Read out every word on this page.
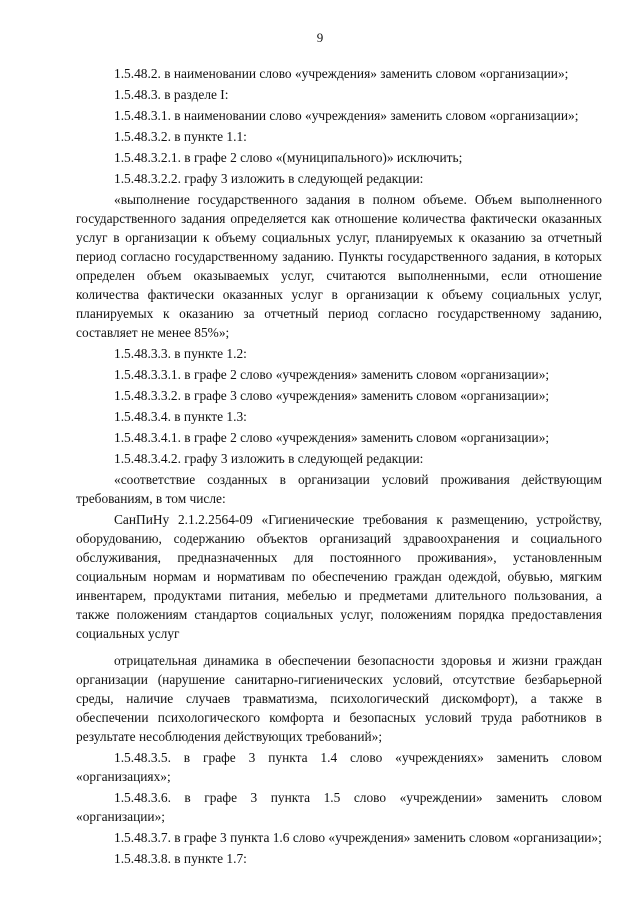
9

1.5.48.2. в наименовании слово «учреждения» заменить словом «организации»;

1.5.48.3. в разделе I:

1.5.48.3.1. в наименовании слово «учреждения» заменить словом «организации»;

1.5.48.3.2. в пункте 1.1:

1.5.48.3.2.1. в графе 2 слово «(муниципального)» исключить;

1.5.48.3.2.2. графу 3 изложить в следующей редакции:

«выполнение государственного задания в полном объеме. Объем выполненного государственного задания определяется как отношение количества фактически оказанных услуг в организации к объему социальных услуг, планируемых к оказанию за отчетный период согласно государственному заданию. Пункты государственного задания, в которых определен объем оказываемых услуг, считаются выполненными, если отношение количества фактически оказанных услуг в организации к объему социальных услуг, планируемых к оказанию за отчетный период согласно государственному заданию, составляет не менее 85%»;

1.5.48.3.3. в пункте 1.2:

1.5.48.3.3.1. в графе 2 слово «учреждения» заменить словом «организации»;

1.5.48.3.3.2. в графе 3 слово «учреждения» заменить словом «организации»;

1.5.48.3.4. в пункте 1.3:

1.5.48.3.4.1. в графе 2 слово «учреждения» заменить словом «организации»;

1.5.48.3.4.2. графу 3 изложить в следующей редакции:

«соответствие созданных в организации условий проживания действующим требованиям, в том числе:

СанПиНу 2.1.2.2564-09 «Гигиенические требования к размещению, устройству, оборудованию, содержанию объектов организаций здравоохранения и социального обслуживания, предназначенных для постоянного проживания», установленным социальным нормам и нормативам по обеспечению граждан одеждой, обувью, мягким инвентарем, продуктами питания, мебелью и предметами длительного пользования, а также положениям стандартов социальных услуг, положениям порядка предоставления социальных услуг

отрицательная динамика в обеспечении безопасности здоровья и жизни граждан организации (нарушение санитарно-гигиенических условий, отсутствие безбарьерной среды, наличие случаев травматизма, психологический дискомфорт), а также в обеспечении психологического комфорта и безопасных условий труда работников в результате несоблюдения действующих требований»;

1.5.48.3.5. в графе 3 пункта 1.4 слово «учреждениях» заменить словом «организациях»;

1.5.48.3.6. в графе 3 пункта 1.5 слово «учреждении» заменить словом «организации»;

1.5.48.3.7. в графе 3 пункта 1.6 слово «учреждения» заменить словом «организации»;

1.5.48.3.8. в пункте 1.7:
